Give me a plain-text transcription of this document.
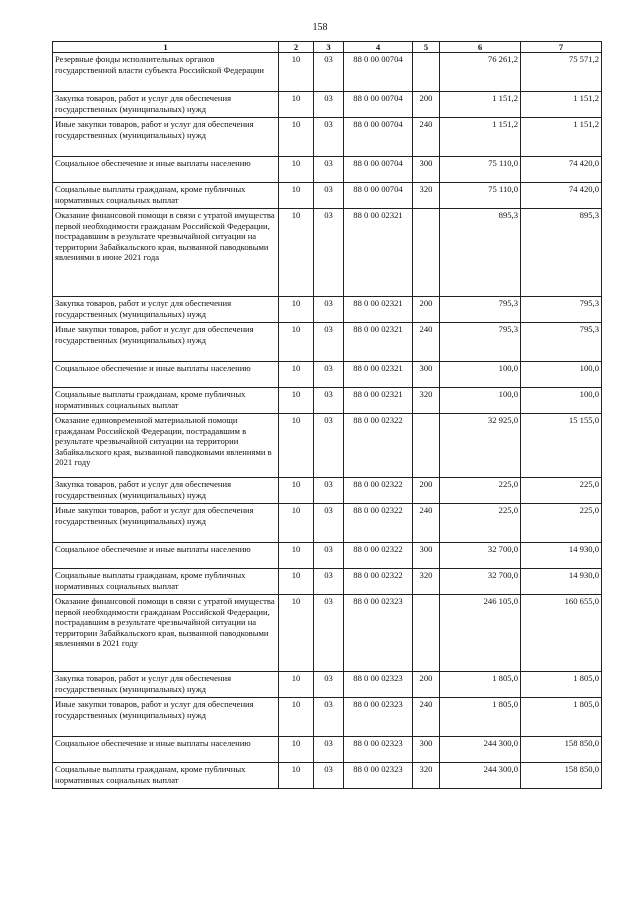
158
1	2	3	4	5	6	7
Резервные фонды исполнительных органов государственной власти субъекта Российской Федерации	10	03	88 0 00 00704		76 261,2	75 571,2
Закупка товаров, работ и услуг для обеспечения государственных (муниципальных) нужд	10	03	88 0 00 00704	200	1 151,2	1 151,2
Иные закупки товаров, работ и услуг для обеспечения государственных (муниципальных) нужд	10	03	88 0 00 00704	240	1 151,2	1 151,2
Социальное обеспечение и иные выплаты населению	10	03	88 0 00 00704	300	75 110,0	74 420,0
Социальные выплаты гражданам, кроме публичных нормативных социальных выплат	10	03	88 0 00 00704	320	75 110,0	74 420,0
Оказание финансовой помощи в связи с утратой имущества первой необходимости гражданам Российской Федерации, пострадавшим в результате чрезвычайной ситуации на территории Забайкальского края, вызванной паводковыми явлениями в июне 2021 года	10	03	88 0 00 02321		895,3	895,3
Закупка товаров, работ и услуг для обеспечения государственных (муниципальных) нужд	10	03	88 0 00 02321	200	795,3	795,3
Иные закупки товаров, работ и услуг для обеспечения государственных (муниципальных) нужд	10	03	88 0 00 02321	240	795,3	795,3
Социальное обеспечение и иные выплаты населению	10	03	88 0 00 02321	300	100,0	100,0
Социальные выплаты гражданам, кроме публичных нормативных социальных выплат	10	03	88 0 00 02321	320	100,0	100,0
Оказание единовременной материальной помощи гражданам Российской Федерации, пострадавшим в результате чрезвычайной ситуации на территории Забайкальского края, вызванной паводковыми явлениями в 2021 году	10	03	88 0 00 02322		32 925,0	15 155,0
Закупка товаров, работ и услуг для обеспечения государственных (муниципальных) нужд	10	03	88 0 00 02322	200	225,0	225,0
Иные закупки товаров, работ и услуг для обеспечения государственных (муниципальных) нужд	10	03	88 0 00 02322	240	225,0	225,0
Социальное обеспечение и иные выплаты населению	10	03	88 0 00 02322	300	32 700,0	14 930,0
Социальные выплаты гражданам, кроме публичных нормативных социальных выплат	10	03	88 0 00 02322	320	32 700,0	14 930,0
Оказание финансовой помощи в связи с утратой имущества первой необходимости гражданам Российской Федерации, пострадавшим в результате чрезвычайной ситуации на территории Забайкальского края, вызванной паводковыми явлениями в 2021 году	10	03	88 0 00 02323		246 105,0	160 655,0
Закупка товаров, работ и услуг для обеспечения государственных (муниципальных) нужд	10	03	88 0 00 02323	200	1 805,0	1 805,0
Иные закупки товаров, работ и услуг для обеспечения государственных (муниципальных) нужд	10	03	88 0 00 02323	240	1 805,0	1 805,0
Социальное обеспечение и иные выплаты населению	10	03	88 0 00 02323	300	244 300,0	158 850,0
Социальные выплаты гражданам, кроме публичных нормативных социальных выплат	10	03	88 0 00 02323	320	244 300,0	158 850,0
